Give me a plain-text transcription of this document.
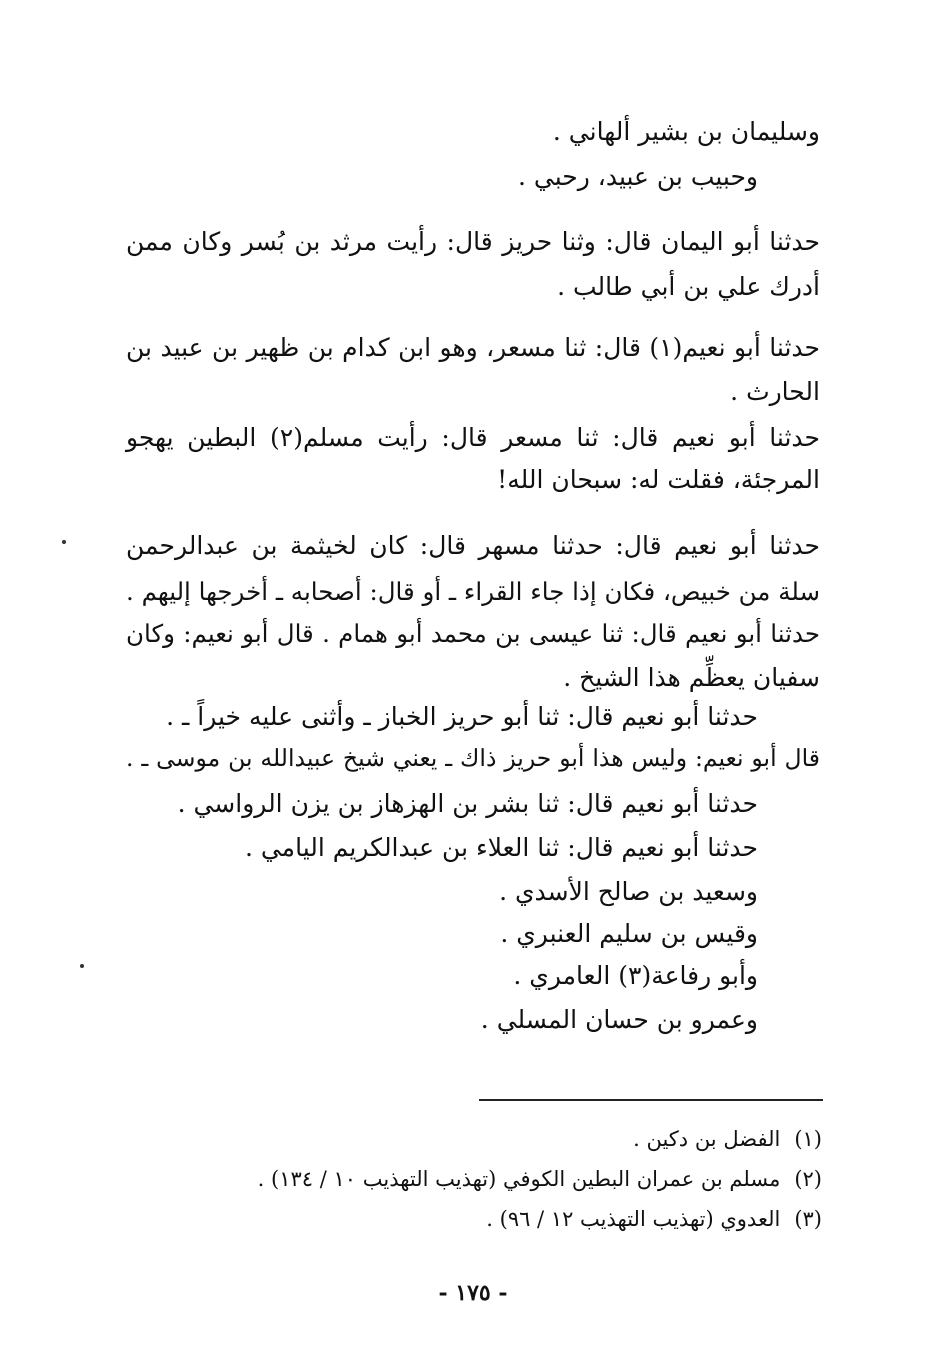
وسليمان بن بشير ألهاني .
وحبيب بن عبيد، رحبي .
حدثنا أبو اليمان قال: وثنا حريز قال: رأيت مرثد بن بُسر وكان ممن
أدرك علي بن أبي طالب .
حدثنا أبو نعيم(١) قال: ثنا مسعر، وهو ابن كدام بن ظهير بن عبيد بن
الحارث .
حدثنا أبو نعيم قال: ثنا مسعر قال: رأيت مسلم(٢) البطين يهجو
المرجئة، فقلت له: سبحان الله!
حدثنا أبو نعيم قال: حدثنا مسهر قال: كان لخيثمة بن عبدالرحمن
سلة من خبيص، فكان إذا جاء القراء ـ أو قال: أصحابه ـ أخرجها إليهم .
حدثنا أبو نعيم قال: ثنا عيسى بن محمد أبو همام . قال أبو نعيم: وكان
سفيان يعظِّم هذا الشيخ .
حدثنا أبو نعيم قال: ثنا أبو حريز الخباز ـ وأثنى عليه خيراً ـ .
قال أبو نعيم: وليس هذا أبو حريز ذاك ـ يعني شيخ عبيدالله بن موسى ـ .
حدثنا أبو نعيم قال: ثنا بشر بن الهزهاز بن يزن الرواسي .
حدثنا أبو نعيم قال: ثنا العلاء بن عبدالكريم اليامي .
وسعيد بن صالح الأسدي .
وقيس بن سليم العنبري .
وأبو رفاعة(٣) العامري .
وعمرو بن حسان المسلي .
(١)الفضل بن دكين .
(٢)مسلم بن عمران البطين الكوفي (تهذيب التهذيب ١٠ / ١٣٤) .
(٣)العدوي (تهذيب التهذيب ١٢ / ٩٦) .
- ١٧٥ -
